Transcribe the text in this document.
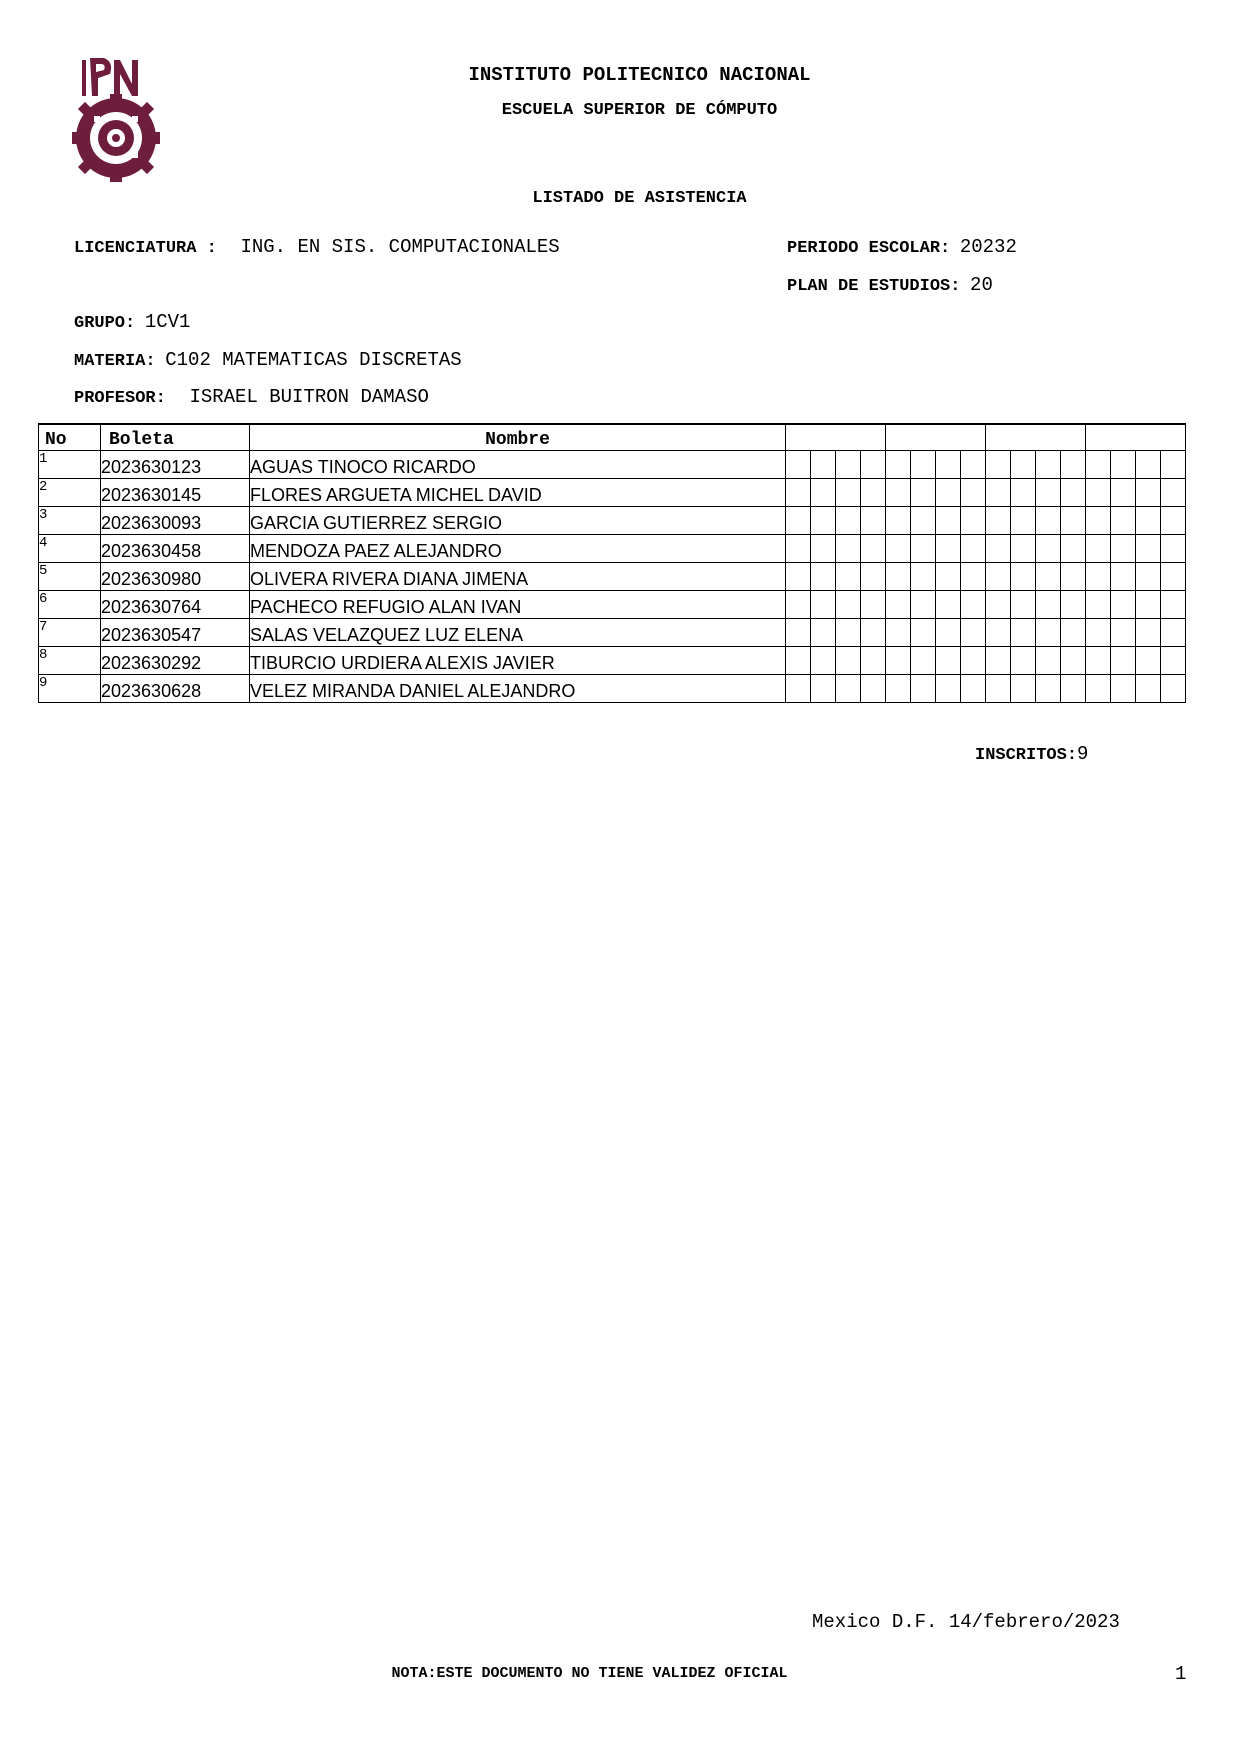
INSTITUTO POLITECNICO NACIONAL
ESCUELA SUPERIOR DE CÓMPUTO
LISTADO DE ASISTENCIA
LICENCIATURA : ING. EN SIS. COMPUTACIONALES	PERIODO ESCOLAR: 20232
PLAN DE ESTUDIOS: 20
GRUPO: 1CV1
MATERIA: C102 MATEMATICAS DISCRETAS
PROFESOR: ISRAEL BUITRON DAMASO
No	Boleta	Nombre																
1	2023630123	AGUAS TINOCO RICARDO																
2	2023630145	FLORES ARGUETA MICHEL DAVID																
3	2023630093	GARCIA GUTIERREZ SERGIO																
4	2023630458	MENDOZA PAEZ ALEJANDRO																
5	2023630980	OLIVERA RIVERA DIANA JIMENA																
6	2023630764	PACHECO REFUGIO ALAN IVAN																
7	2023630547	SALAS VELAZQUEZ LUZ ELENA																
8	2023630292	TIBURCIO URDIERA ALEXIS JAVIER																
9	2023630628	VELEZ MIRANDA DANIEL ALEJANDRO																
INSCRITOS:9
Mexico D.F. 14/febrero/2023
NOTA:ESTE DOCUMENTO NO TIENE VALIDEZ OFICIAL	1
